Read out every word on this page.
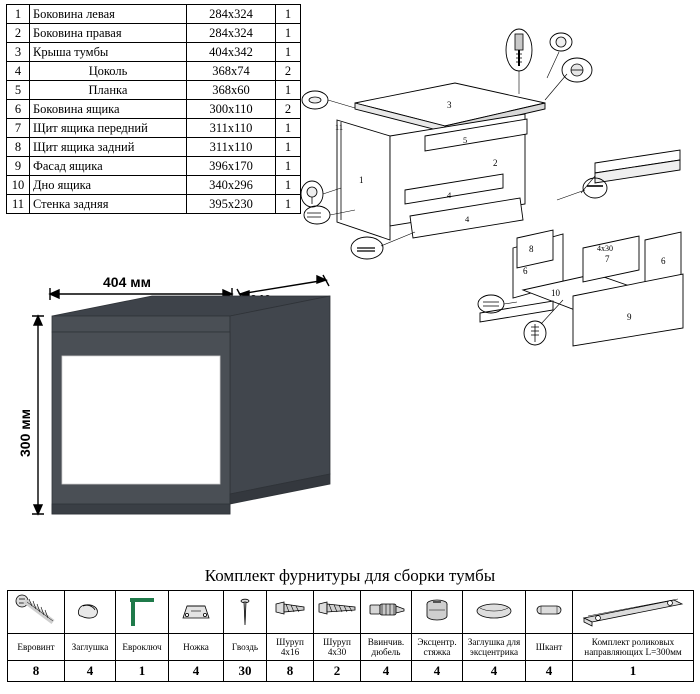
1	Боковина левая	284х324	1
2	Боковина правая	284х324	1
3	Крыша тумбы	404х342	1
4	Цоколь	368х74	2
5	Планка	368х60	1
6	Боковина ящика	300х110	2
7	Щит ящика передний	311х110	1
8	Щит ящика задний	311х110	1
9	Фасад ящика	396х170	1
10	Дно ящика	340х296	1
11	Стенка задняя	395х230	1
3
1
2
5
4
4
11
6
8
10
7	6
9
4х30
404 мм
300 мм
Комплект фурнитуры для сборки тумбы

Евровинт	Заглушка	Евроключ	Ножка	Гвоздь	Шуруп 4х16	Шуруп 4х30	Ввинчив. дюбель	Эксцентр. стяжка	Заглушка для эксцентрика	Шкант	Комплект роликовых направляющих L=300мм
8	4	1	4	30	8	2	4	4	4	4	1
